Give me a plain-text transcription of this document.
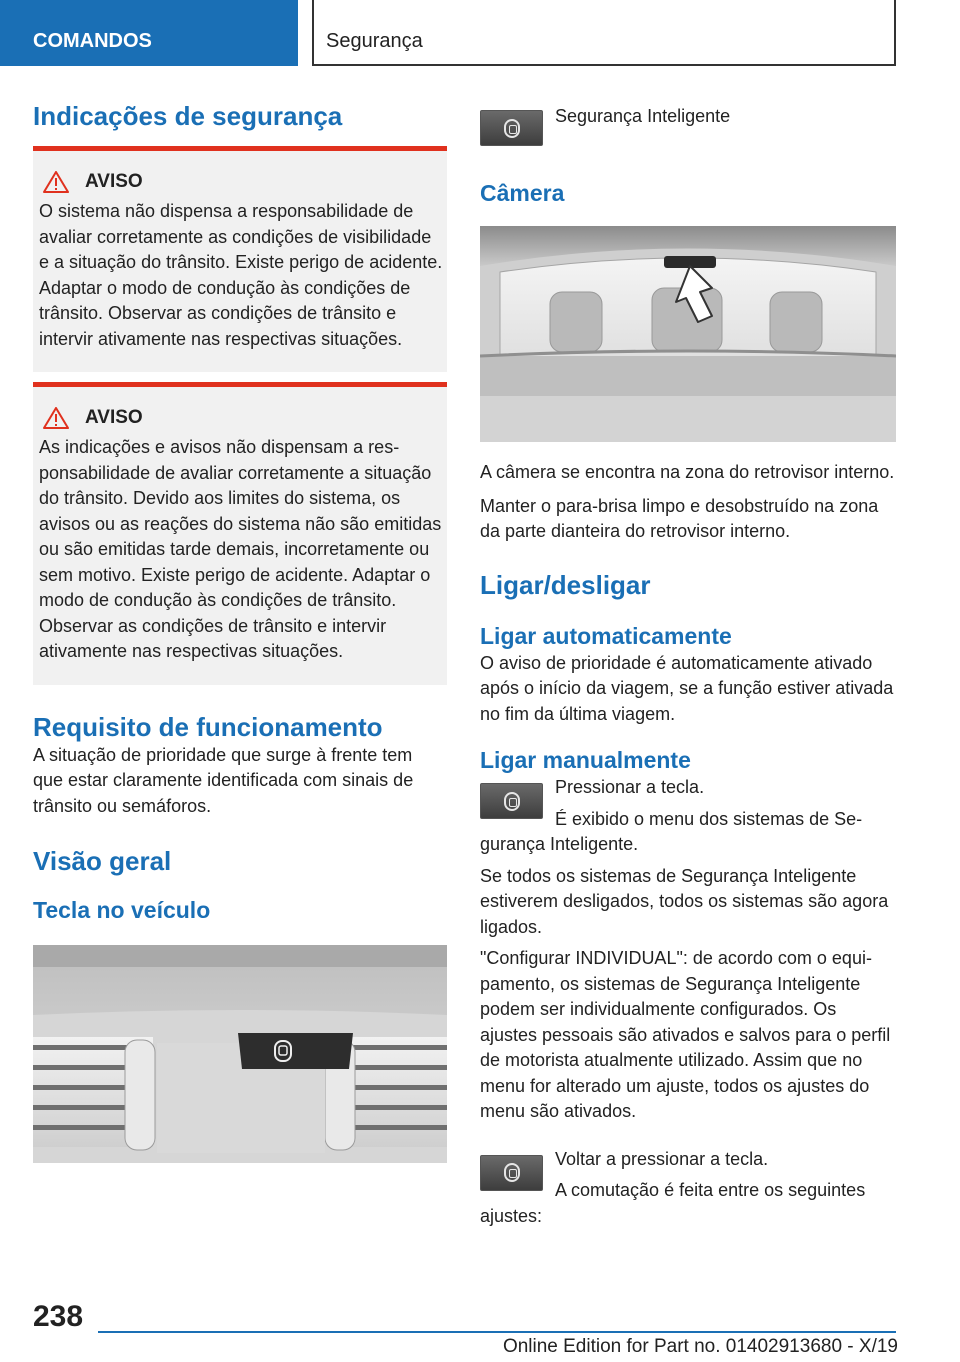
COMANDOS	Segurança
Indicações de segurança
AVISO

O sistema não dispensa a responsabilidade de avaliar corretamente as condições de visibilidade e a situação do trânsito. Existe perigo de acidente. Adaptar o modo de condução às condições de trânsito. Observar as condições de trânsito e intervir ativamente nas respectivas situações.

AVISO

As indicações e avisos não dispensam a responsabilidade de avaliar corretamente a situação do trânsito. Devido aos limites do sistema, os avisos ou as reações do sistema não são emitidas ou são emitidas tarde demais, incorretamente ou sem motivo. Existe perigo de acidente. Adaptar o modo de condução às condições de trânsito. Observar as condições de trânsito e intervir ativamente nas respectivas situações.

Requisito de funcionamento

A situação de prioridade que surge à frente tem que estar claramente identificada com sinais de trânsito ou semáforos.

Visão geral
Tecla no veículo

Segurança Inteligente

Câmera

A câmera se encontra na zona do retrovisor interno.

Manter o para-brisa limpo e desobstruído na zona da parte dianteira do retrovisor interno.

Ligar/desligar
Ligar automaticamente

O aviso de prioridade é automaticamente ativado após o início da viagem, se a função estiver ativada no fim da última viagem.

Ligar manualmente

Pressionar a tecla.

É exibido o menu dos sistemas de Segurança Inteligente.

Se todos os sistemas de Segurança Inteligente estiverem desligados, todos os sistemas são agora ligados.

"Configurar INDIVIDUAL": de acordo com o equipamento, os sistemas de Segurança Inteligente podem ser individualmente configurados. Os ajustes pessoais são ativados e salvos para o perfil de motorista atualmente utilizado. Assim que no menu for alterado um ajuste, todos os ajustes do menu são ativados.

Voltar a pressionar a tecla.

A comutação é feita entre os seguintes ajustes:

238
Online Edition for Part no. 01402913680 - X/19
